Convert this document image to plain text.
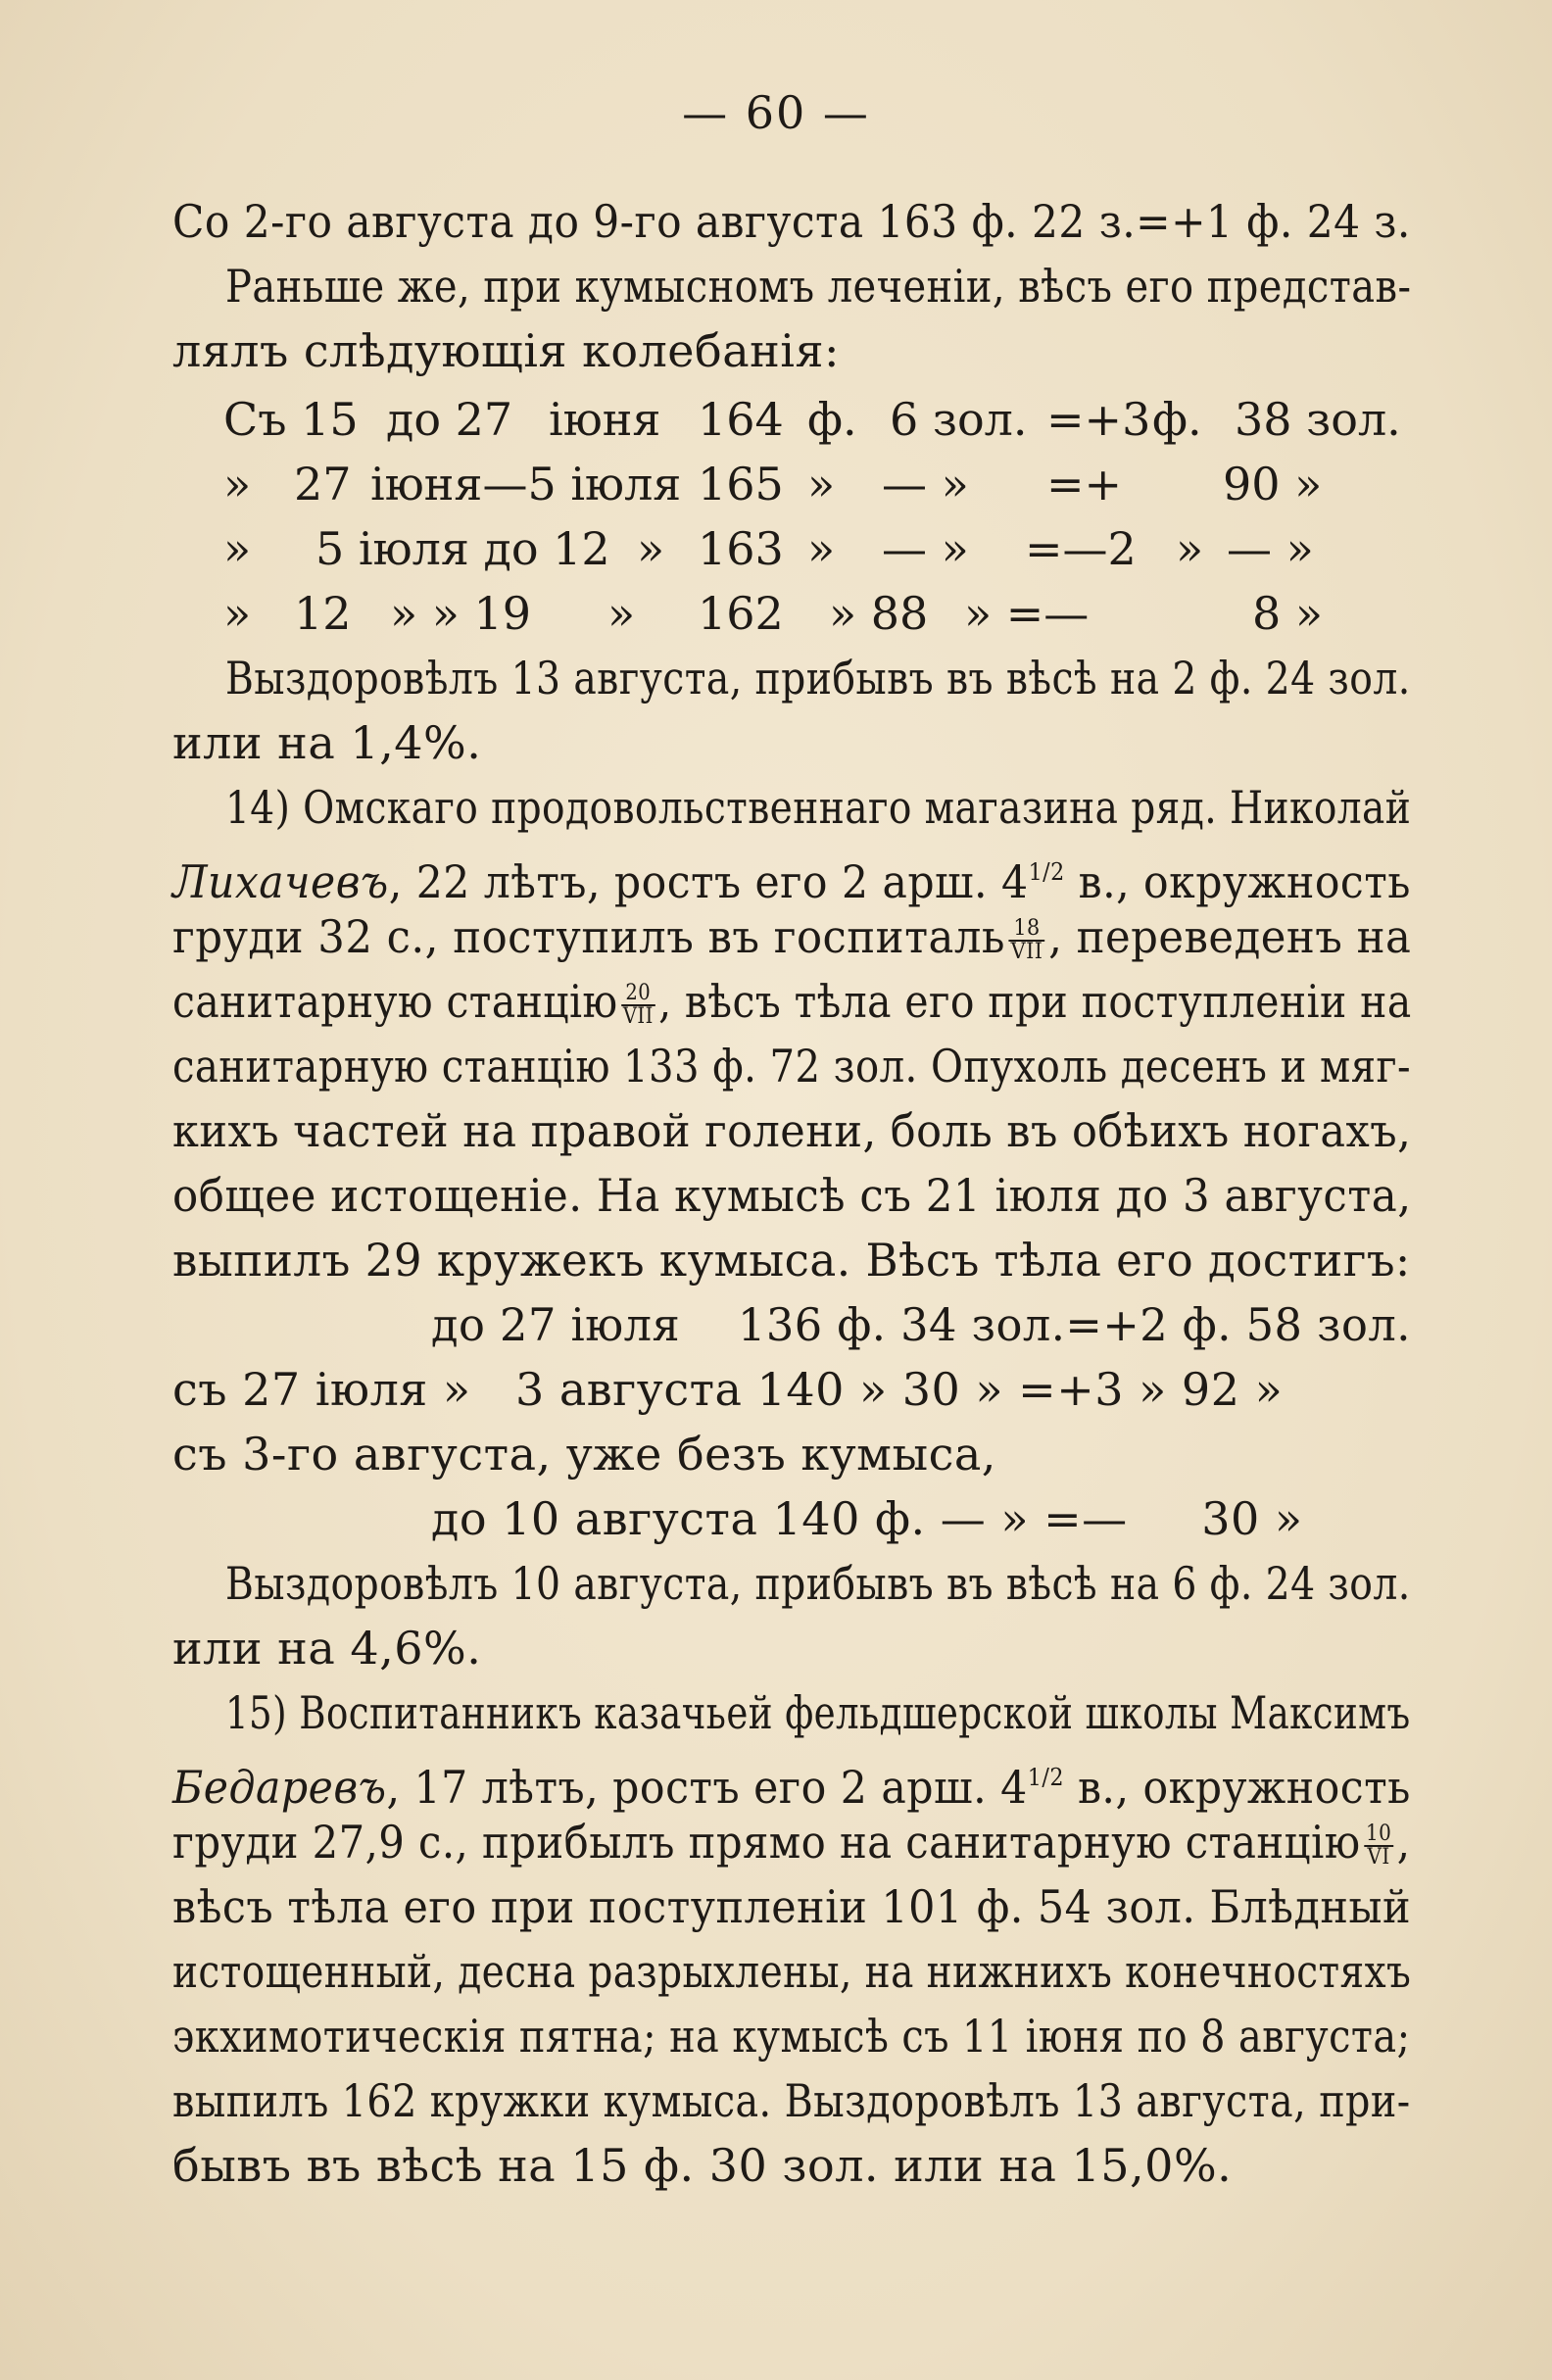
— 60 —
Со 2-го августа до 9-го августа 163 ф. 22 з.=+1 ф. 24 з.
Раньше же, при кумысномъ леченіи, вѣсъ его представ-
лялъ слѣдующія колебанія:
Съ 15 до 27 іюня 164 ф. 6 зол. =+3 ф. 38 зол.
» 27 іюня—5 іюля 165 » — » =+ 90 »
» 5 іюля до 12 » 163 » — » =—2 » — »
» 12 » » 19 » 162 » 88 » =—	8 »
Выздоровѣлъ 13 августа, прибывъ въ вѣсѣ на 2 ф. 24 зол.
или на 1,4%.
14) Омскаго продовольственнаго магазина ряд. Николай
Лихачевъ, 22 лѣтъ, ростъ его 2 арш. $4^{1/2}$ в., окружность
груди 32 с., поступилъ въ госпиталь $\frac{18}{\text{VII}}$ , переведенъ на
санитарную станцію $\frac{20}{\text{VII}}$ , вѣсъ тѣла его при поступленіи на
санитарную станцію 133 ф. 72 зол. Опухоль десенъ и мяг-
кихъ частей на правой голени, боль въ обѣихъ ногахъ,
общее истощеніе. На кумысѣ съ 21 іюля до 3 августа,
выпилъ 29 кружекъ кумыса. Вѣсъ тѣла его достигъ:
до 27 іюля    136 ф. 34 зол.=+2 ф. 58 зол.
съ 27 іюля »   3 августа 140 » 30 » =+3 » 92 »
съ 3-го августа, уже безъ кумыса,
до 10 августа 140 ф. — » =—     30 »
Выздоровѣлъ 10 августа, прибывъ въ вѣсѣ на 6 ф. 24 зол.
или на 4,6%.
15) Воспитанникъ казачьей фельдшерской школы Максимъ
Бедаревъ, 17 лѣтъ, ростъ его 2 арш. $4^{1/2}$ в., окружность
груди 27,9 с., прибылъ прямо на санитарную станцію $\frac{10}{VI}$ ,
вѣсъ тѣла его при поступленіи 101 ф. 54 зол. Блѣдный
истощенный, десна разрыхлены, на нижнихъ конечностяхъ
экхимотическія пятна; на кумысѣ съ 11 іюня по 8 августа;
выпилъ 162 кружки кумыса. Выздоровѣлъ 13 августа, при-
бывъ въ вѣсѣ на 15 ф. 30 зол. или на 15,0%.
